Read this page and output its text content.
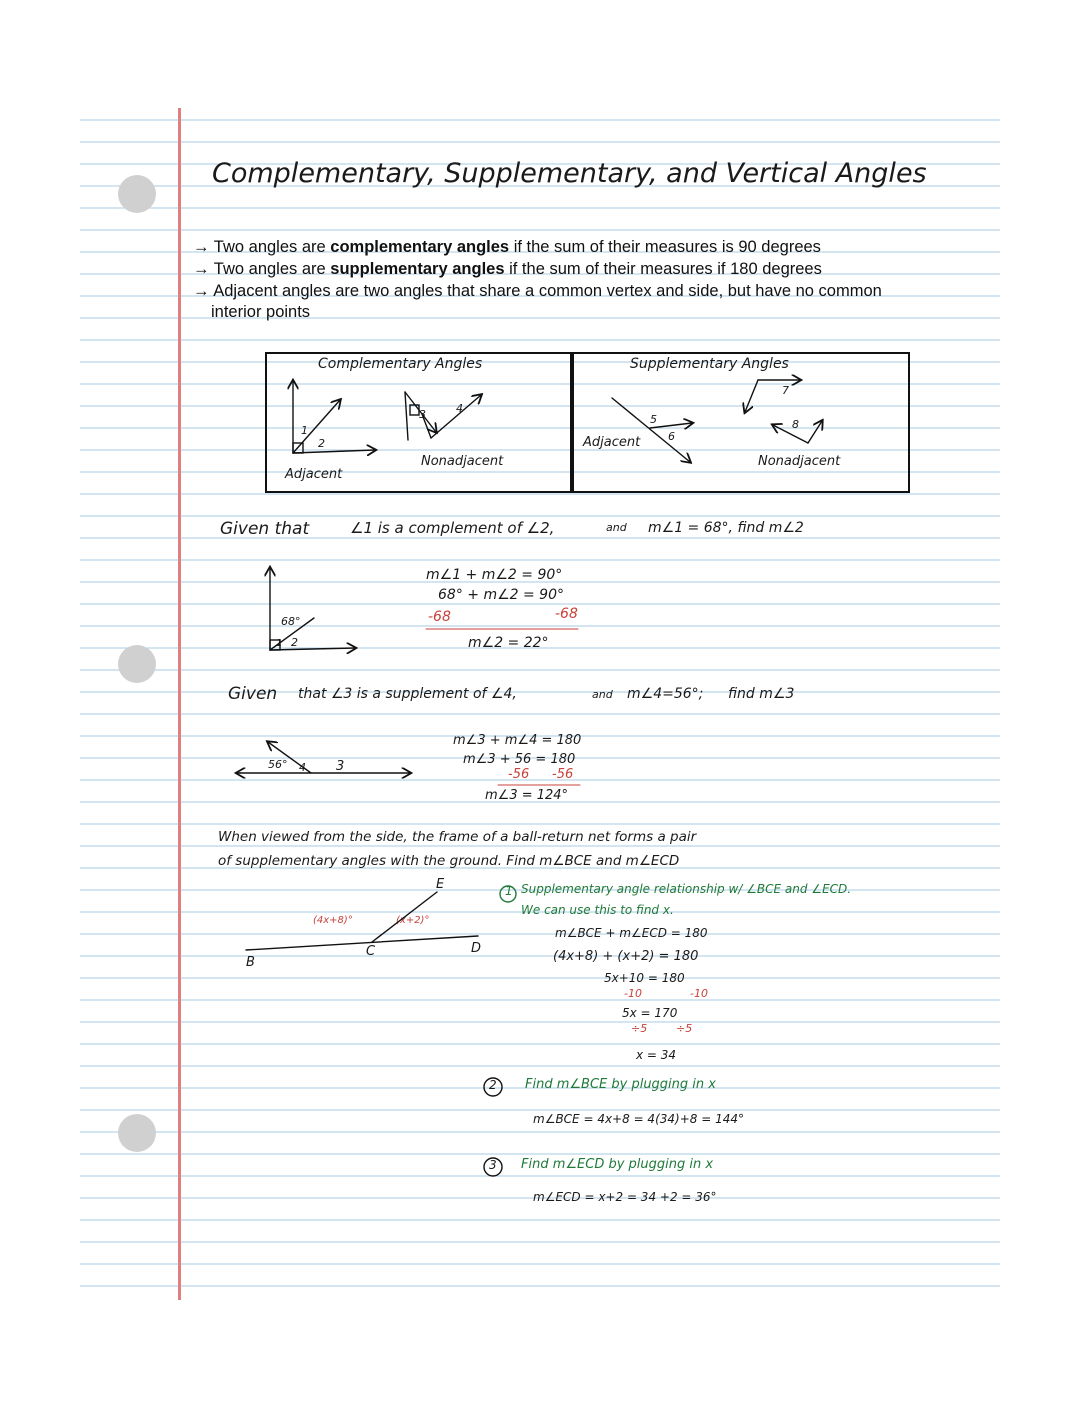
Complementary, Supplementary, and Vertical Angles
→ Two angles are complementary angles if the sum of their measures is 90 degrees
→ Two angles are supplementary angles if the sum of their measures if 180 degrees
→ Adjacent angles are two angles that share a common vertex and side, but have no common
interior points
Complementary Angles	Supplementary Angles
Adjacent
Nonadjacent
Adjacent
Nonadjacent
1
2
3	4
5
6
7
8
Given that	∠1 is a complement of ∠2,	and m∠1 = 68°, find m∠2
68°
1 2
m∠1 + m∠2 = 90°
68° + m∠2 = 90°
-68	-68
m∠2 = 22°
Given that ∠3 is a supplement of ∠4,	and m∠4=56°; find m∠3
56° 4 3
m∠3 + m∠4 = 180
m∠3 + 56 = 180
-56 -56
m∠3 = 124°
When viewed from the side, the frame of a ball-return net forms a pair
of supplementary angles with the ground. Find m∠BCE and m∠ECD
B
C	D
E
(4x+8)°	(x+2)°
1 Supplementary angle relationship w/ ∠BCE and ∠ECD.
We can use this to find x.
m∠BCE + m∠ECD = 180
(4x+8) + (x+2) = 180
5x+10 = 180
-10	-10
5x = 170
÷5	÷5
x = 34
2 Find m∠BCE by plugging in x
m∠BCE = 4x+8 = 4(34)+8 = 144°
3 Find m∠ECD by plugging in x
m∠ECD = x+2 = 34 +2 = 36°
